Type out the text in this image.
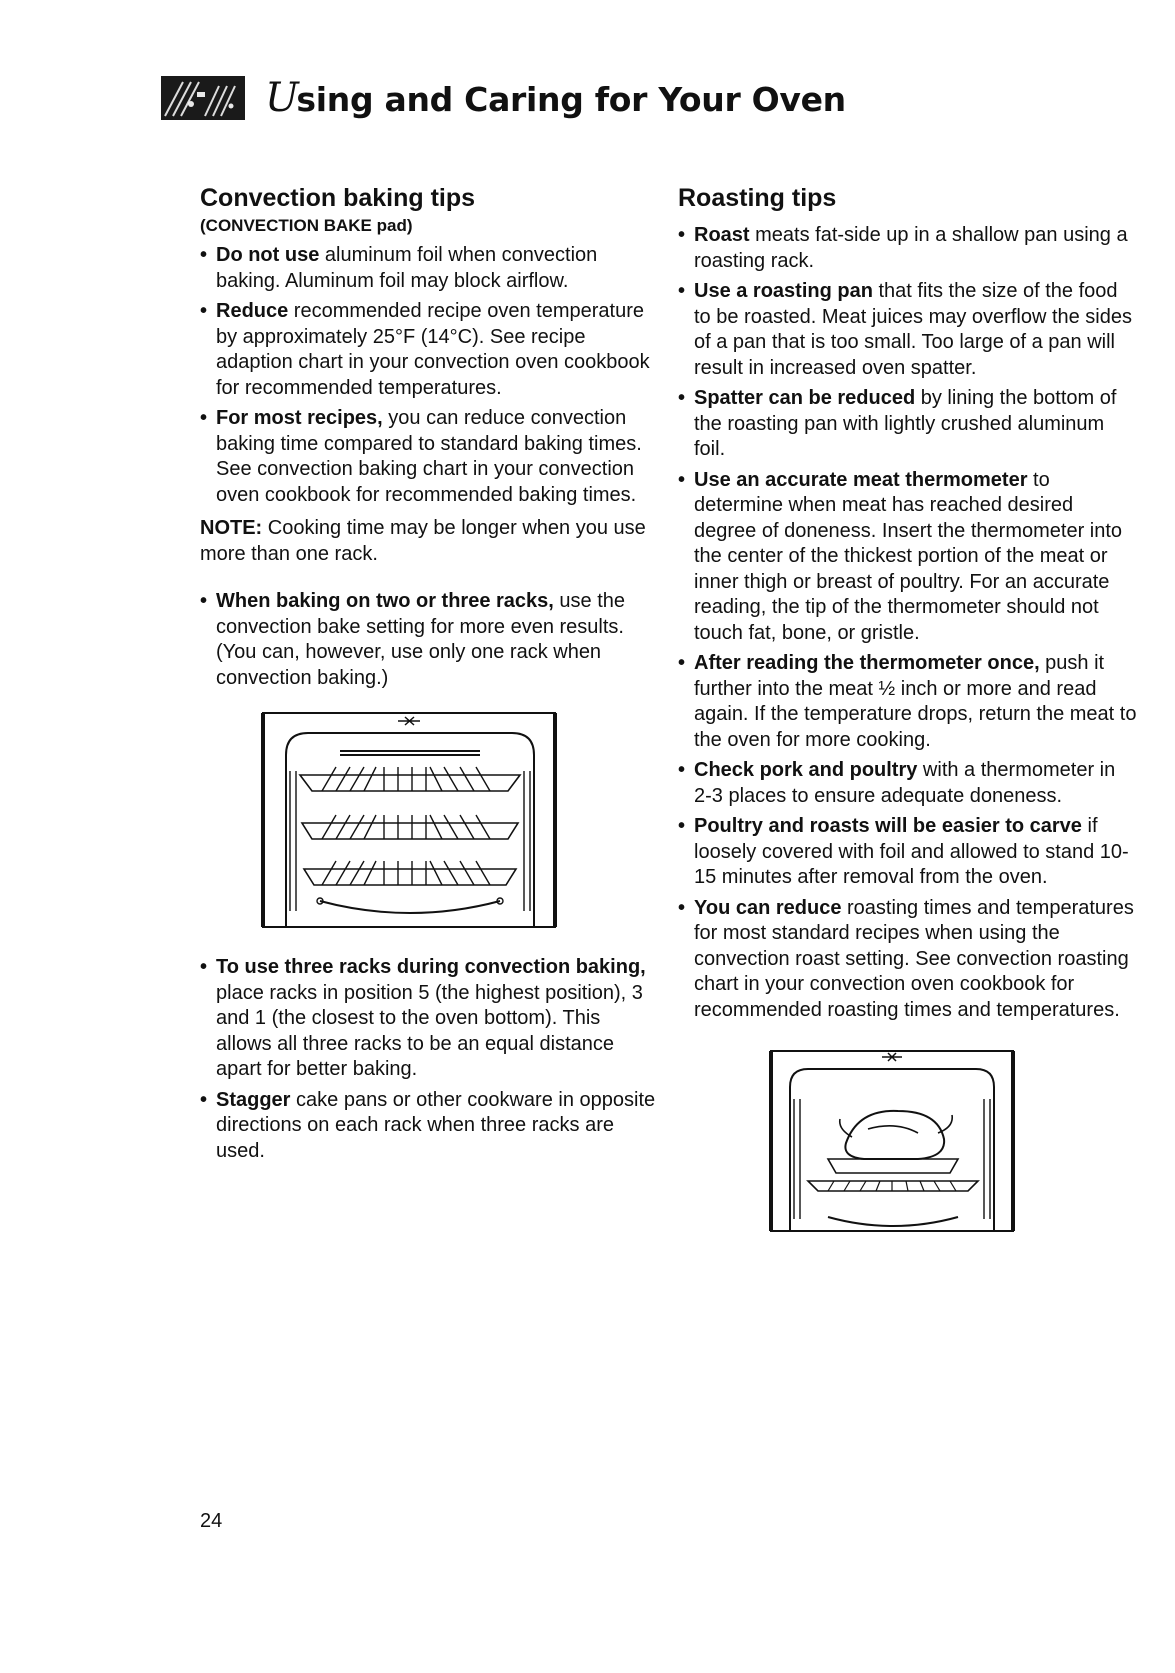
Using and Caring for Your Oven
Convection baking tips
(CONVECTION BAKE pad)
• Do not use aluminum foil when convection baking. Aluminum foil may block airflow.
• Reduce recommended recipe oven temperature by approximately 25°F (14°C). See recipe adaption chart in your convection oven cookbook for recommended temperatures.
• For most recipes, you can reduce convection baking time compared to standard baking times. See convection baking chart in your convection oven cookbook for recommended baking times.
NOTE: Cooking time may be longer when you use more than one rack.
• When baking on two or three racks, use the convection bake setting for more even results. (You can, however, use only one rack when convection baking.)
• To use three racks during convection baking, place racks in position 5 (the highest position), 3 and 1 (the closest to the oven bottom). This allows all three racks to be an equal distance apart for better baking.
• Stagger cake pans or other cookware in opposite directions on each rack when three racks are used.
Roasting tips
• Roast meats fat-side up in a shallow pan using a roasting rack.
• Use a roasting pan that fits the size of the food to be roasted. Meat juices may overflow the sides of a pan that is too small. Too large of a pan will result in increased oven spatter.
• Spatter can be reduced by lining the bottom of the roasting pan with lightly crushed aluminum foil.
• Use an accurate meat thermometer to determine when meat has reached desired degree of doneness. Insert the thermometer into the center of the thickest portion of the meat or inner thigh or breast of poultry. For an accurate reading, the tip of the thermometer should not touch fat, bone, or gristle.
• After reading the thermometer once, push it further into the meat ½ inch or more and read again. If the temperature drops, return the meat to the oven for more cooking.
• Check pork and poultry with a thermometer in 2-3 places to ensure adequate doneness.
• Poultry and roasts will be easier to carve if loosely covered with foil and allowed to stand 10-15 minutes after removal from the oven.
• You can reduce roasting times and temperatures for most standard recipes when using the convection roast setting. See convection roasting chart in your convection oven cookbook for recommended roasting times and temperatures.
24
